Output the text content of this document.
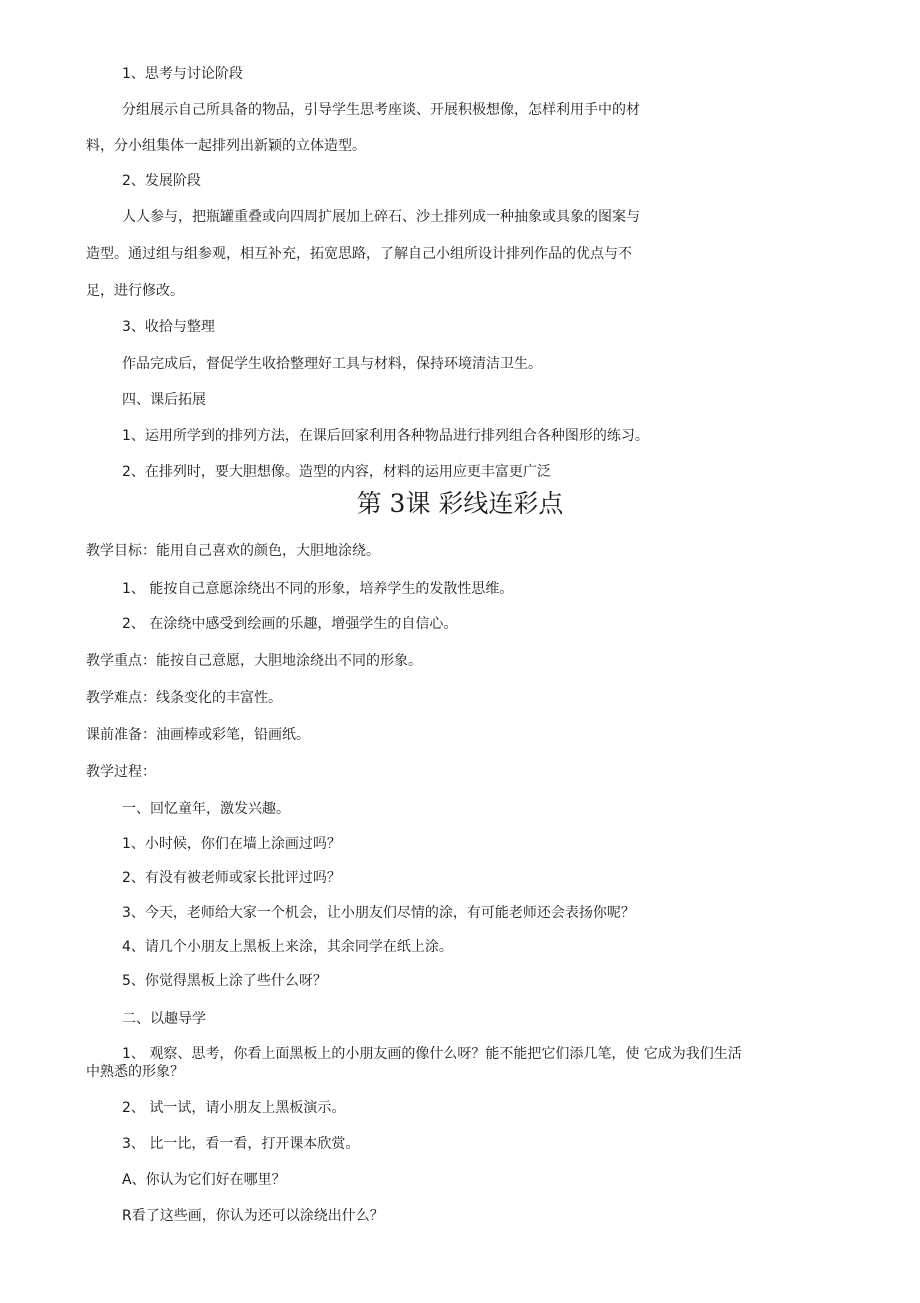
1、思考与讨论阶段
分组展示自己所具备的物品，引导学生思考座谈、开展积极想像，怎样利用手中的材
料，分小组集体一起排列出新颖的立体造型。
2、发展阶段
人人参与，把瓶罐重叠或向四周扩展加上碎石、沙土排列成一种抽象或具象的图案与
造型。通过组与组参观，相互补充，拓宽思路，了解自己小组所设计排列作品的优点与不
足，进行修改。
3、收拾与整理
作品完成后，督促学生收拾整理好工具与材料，保持环境清洁卫生。
四、课后拓展
1、运用所学到的排列方法，在课后回家利用各种物品进行排列组合各种图形的练习。
2、在排列时，要大胆想像。造型的内容，材料的运用应更丰富更广泛
第 3课 彩线连彩点
教学目标：能用自己喜欢的颜色，大胆地涂绕。
1、 能按自己意愿涂绕出不同的形象，培养学生的发散性思维。
2、 在涂绕中感受到绘画的乐趣，增强学生的自信心。
教学重点：能按自己意愿，大胆地涂绕出不同的形象。
教学难点：线条变化的丰富性。
课前准备：油画棒或彩笔，铅画纸。
教学过程：
一、回忆童年，激发兴趣。
1、小时候，你们在墙上涂画过吗？
2、有没有被老师或家长批评过吗？
3、今天，老师给大家一个机会，让小朋友们尽情的涂，有可能老师还会表扬你呢？
4、请几个小朋友上黑板上来涂，其余同学在纸上涂。
5、你觉得黑板上涂了些什么呀？
二、以趣导学
1、 观察、思考，你看上面黑板上的小朋友画的像什么呀？能不能把它们添几笔，使 它成为我们生活
中熟悉的形象？
2、 试一试，请小朋友上黑板演示。
3、 比一比，看一看，打开课本欣赏。
A、你认为它们好在哪里？
R看了这些画，你认为还可以涂绕出什么？
